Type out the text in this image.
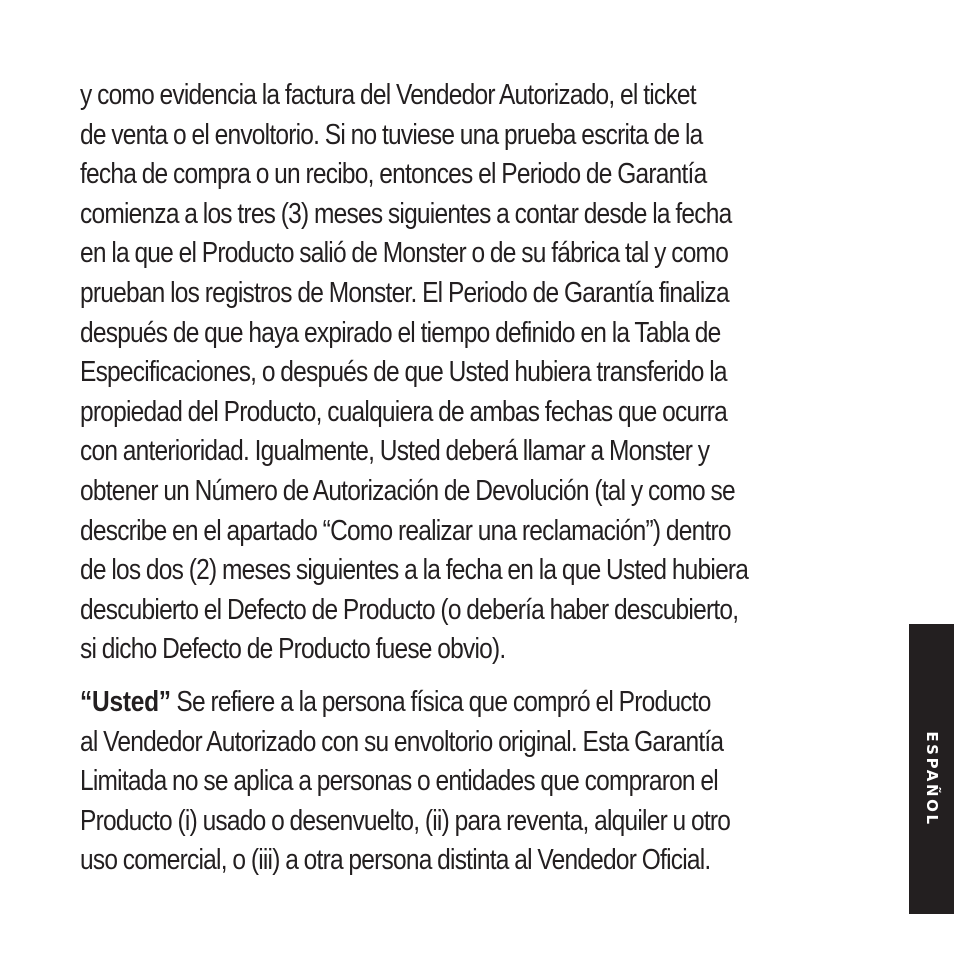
y como evidencia la factura del Vendedor Autorizado, el ticket
de venta o el envoltorio. Si no tuviese una prueba escrita de la
fecha de compra o un recibo, entonces el Periodo de Garantía
comienza a los tres (3) meses siguientes a contar desde la fecha
en la que el Producto salió de Monster o de su fábrica tal y como
prueban los registros de Monster. El Periodo de Garantía finaliza
después de que haya expirado el tiempo definido en la Tabla de
Especificaciones, o después de que Usted hubiera transferido la
propiedad del Producto, cualquiera de ambas fechas que ocurra
con anterioridad. Igualmente, Usted deberá llamar a Monster y
obtener un Número de Autorización de Devolución (tal y como se
describe en el apartado “Como realizar una reclamación”) dentro
de los dos (2) meses siguientes a la fecha en la que Usted hubiera
descubierto el Defecto de Producto (o debería haber descubierto,
si dicho Defecto de Producto fuese obvio).
“Usted” Se refiere a la persona física que compró el Producto
al Vendedor Autorizado con su envoltorio original. Esta Garantía
Limitada no se aplica a personas o entidades que compraron el
Producto (i) usado o desenvuelto, (ii) para reventa, alquiler u otro
uso comercial, o (iii) a otra persona distinta al Vendedor Oficial.
ESPAÑOL
